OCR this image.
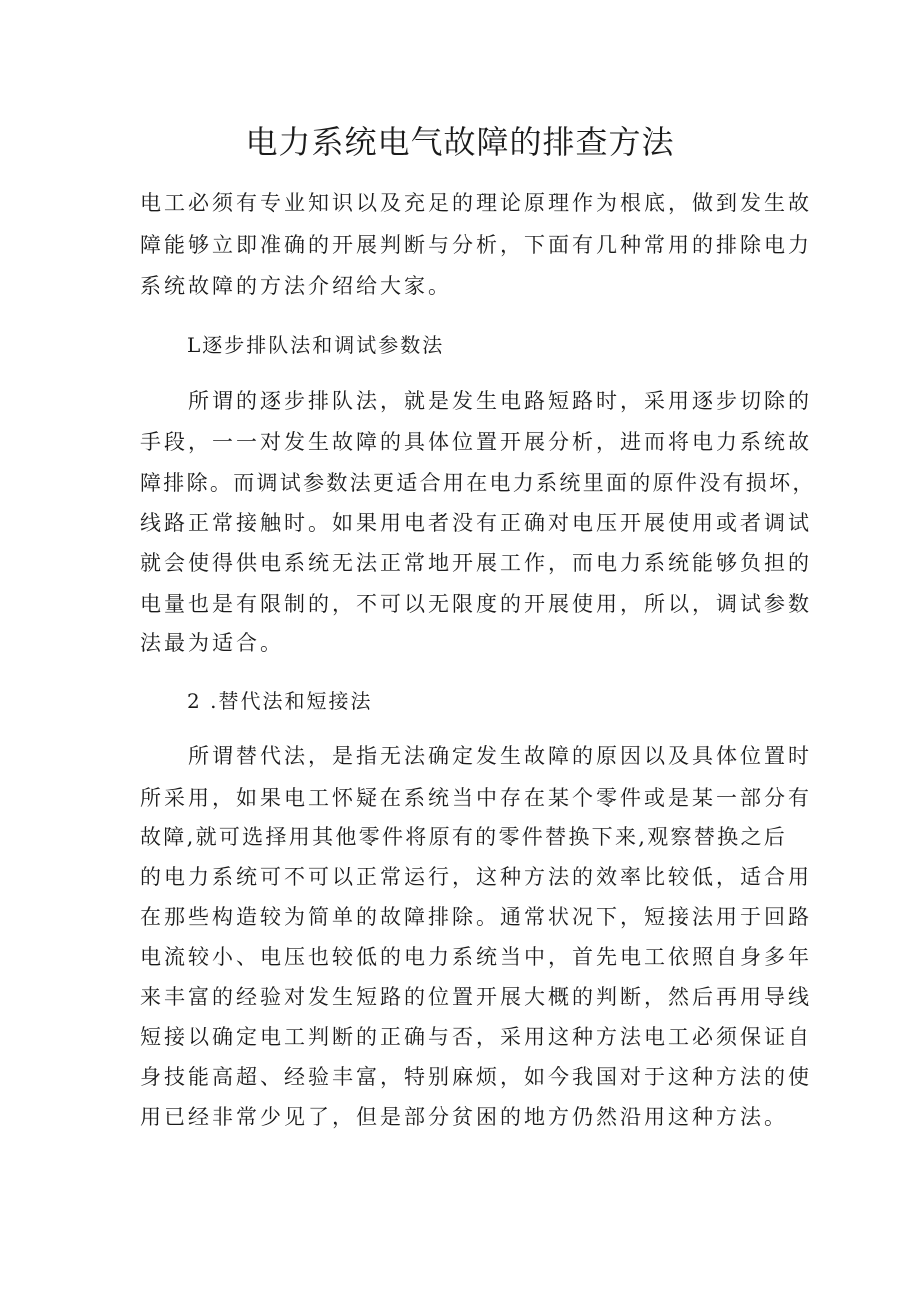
电力系统电气故障的排查方法

电工必须有专业知识以及充足的理论原理作为根底，做到发生故

障能够立即准确的开展判断与分析，下面有几种常用的排除电力

系统故障的方法介绍给大家。

L逐步排队法和调试参数法

所谓的逐步排队法，就是发生电路短路时，采用逐步切除的

手段，一一对发生故障的具体位置开展分析，进而将电力系统故

障排除。而调试参数法更适合用在电力系统里面的原件没有损坏，

线路正常接触时。如果用电者没有正确对电压开展使用或者调试

就会使得供电系统无法正常地开展工作，而电力系统能够负担的

电量也是有限制的，不可以无限度的开展使用，所以，调试参数

法最为适合。

2 .替代法和短接法

所谓替代法，是指无法确定发生故障的原因以及具体位置时

所采用，如果电工怀疑在系统当中存在某个零件或是某一部分有

故障,就可选择用其他零件将原有的零件替换下来,观察替换之后

的电力系统可不可以正常运行，这种方法的效率比较低，适合用

在那些构造较为简单的故障排除。通常状况下，短接法用于回路

电流较小、电压也较低的电力系统当中，首先电工依照自身多年

来丰富的经验对发生短路的位置开展大概的判断，然后再用导线

短接以确定电工判断的正确与否，采用这种方法电工必须保证自

身技能高超、经验丰富，特别麻烦，如今我国对于这种方法的使

用已经非常少见了，但是部分贫困的地方仍然沿用这种方法。
